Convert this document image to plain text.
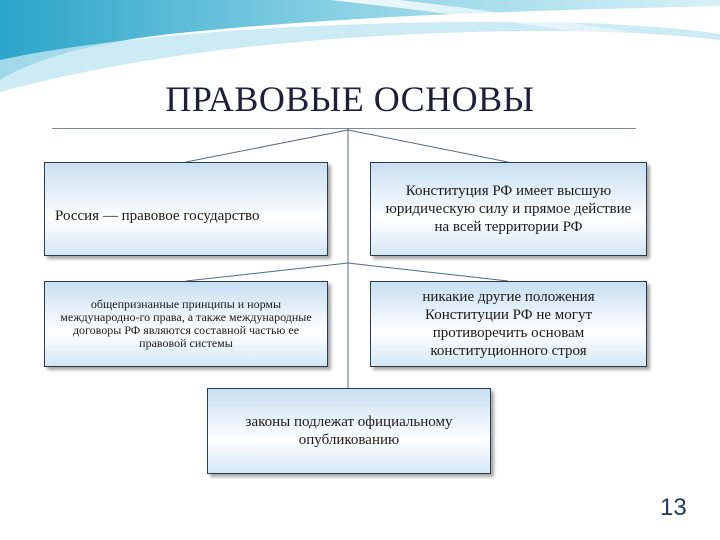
ПРАВОВЫЕ ОСНОВЫ
Россия — правовое государство
Конституция РФ имеет высшую юридическую силу и прямое действие на всей территории РФ
общепризнанные принципы и нормы международно-го права, а также международные договоры РФ являются составной частью ее правовой системы
никакие другие положения Конституции РФ не могут противоречить основам конституционного строя
законы подлежат официальному опубликованию
13
